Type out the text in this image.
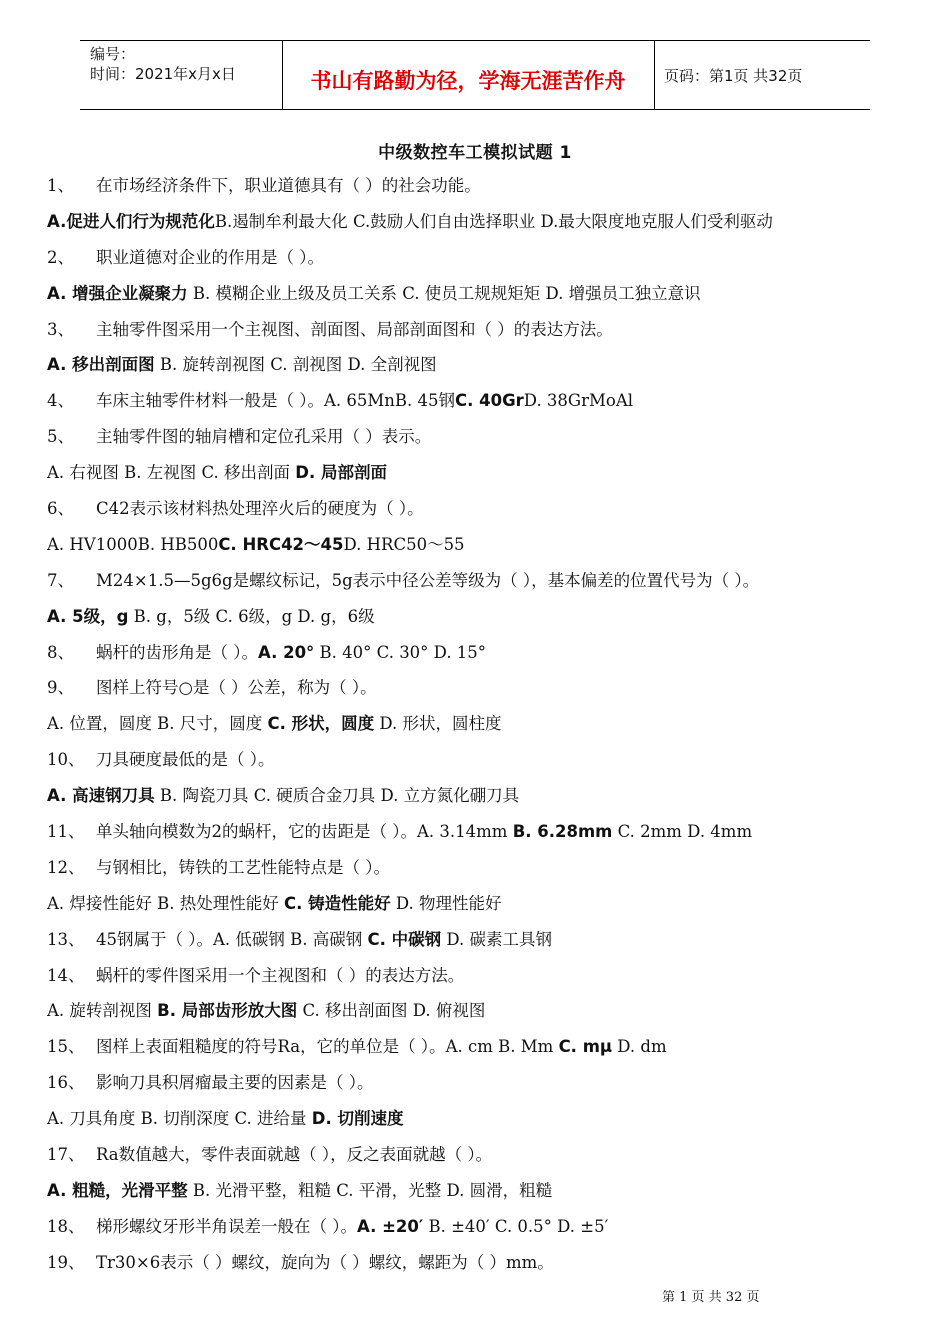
编号：
时间：2021年x月x日	书山有路勤为径，学海无涯苦作舟	页码：第1页 共32页
中级数控车工模拟试题 1
1、 在市场经济条件下，职业道德具有（ ）的社会功能。
A.促进人们行为规范化B.遏制牟利最大化 C.鼓励人们自由选择职业 D.最大限度地克服人们受利驱动
2、 职业道德对企业的作用是（ ）。
A. 增强企业凝聚力 B. 模糊企业上级及员工关系 C. 使员工规规矩矩 D. 增强员工独立意识
3、 主轴零件图采用一个主视图、剖面图、局部剖面图和（ ）的表达方法。
A. 移出剖面图 B. 旋转剖视图 C. 剖视图 D. 全剖视图
4、 车床主轴零件材料一般是（ ）。A. 65MnB. 45钢C. 40GrD. 38GrMoAl
5、 主轴零件图的轴肩槽和定位孔采用（ ）表示。
A. 右视图 B. 左视图 C. 移出剖面 D. 局部剖面
6、 C42表示该材料热处理淬火后的硬度为（ ）。
A. HV1000B. HB500C. HRC42～45D. HRC50～55
7、 M24×1.5—5g6g是螺纹标记，5g表示中径公差等级为（ ），基本偏差的位置代号为（ ）。
A. 5级，g B. g，5级 C. 6级，g D. g，6级
8、 蜗杆的齿形角是（ ）。A. 20° B. 40° C. 30° D. 15°
9、 图样上符号○是（ ）公差，称为（ ）。
A. 位置，圆度 B. 尺寸，圆度 C. 形状，圆度 D. 形状，圆柱度
10、 刀具硬度最低的是（ ）。
A. 高速钢刀具 B. 陶瓷刀具 C. 硬质合金刀具 D. 立方氮化硼刀具
11、 单头轴向模数为2的蜗杆，它的齿距是（ ）。A. 3.14mm B. 6.28mm C. 2mm D. 4mm
12、 与钢相比，铸铁的工艺性能特点是（ ）。
A. 焊接性能好 B. 热处理性能好 C. 铸造性能好 D. 物理性能好
13、 45钢属于（ ）。A. 低碳钢 B. 高碳钢 C. 中碳钢 D. 碳素工具钢
14、 蜗杆的零件图采用一个主视图和（ ）的表达方法。
A. 旋转剖视图 B. 局部齿形放大图 C. 移出剖面图 D. 俯视图
15、 图样上表面粗糙度的符号Ra，它的单位是（ ）。A. cm B. Mm C. mμ D. dm
16、 影响刀具积屑瘤最主要的因素是（ ）。
A. 刀具角度 B. 切削深度 C. 进给量 D. 切削速度
17、 Ra数值越大，零件表面就越（ ），反之表面就越（ ）。
A. 粗糙，光滑平整 B. 光滑平整，粗糙 C. 平滑，光整 D. 圆滑，粗糙
18、 梯形螺纹牙形半角误差一般在（ ）。A. ±20′ B. ±40′ C. 0.5° D. ±5′
19、 Tr30×6表示（ ）螺纹，旋向为（ ）螺纹，螺距为（ ）mm。
第 1 页 共 32 页
